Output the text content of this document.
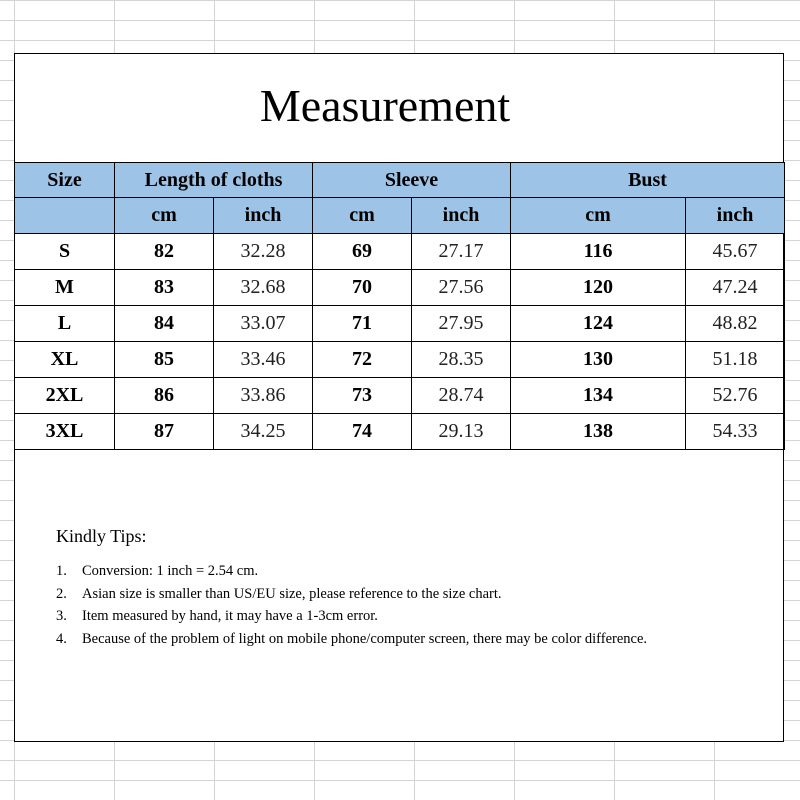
Measurement
Size	Length of cloths		Sleeve		Bust	
	cm	inch	cm	inch	cm	inch
S	82	32.28	69	27.17	116	45.67
M	83	32.68	70	27.56	120	47.24
L	84	33.07	71	27.95	124	48.82
XL	85	33.46	72	28.35	130	51.18
2XL	86	33.86	73	28.74	134	52.76
3XL	87	34.25	74	29.13	138	54.33
Kindly Tips:
1.	Conversion: 1 inch = 2.54 cm.
2.	Asian size is smaller than US/EU size, please reference to the size chart.
3.	Item measured by hand, it may have a 1-3cm error.
4.	Because of the problem of light on mobile phone/computer screen, there may be color difference.
